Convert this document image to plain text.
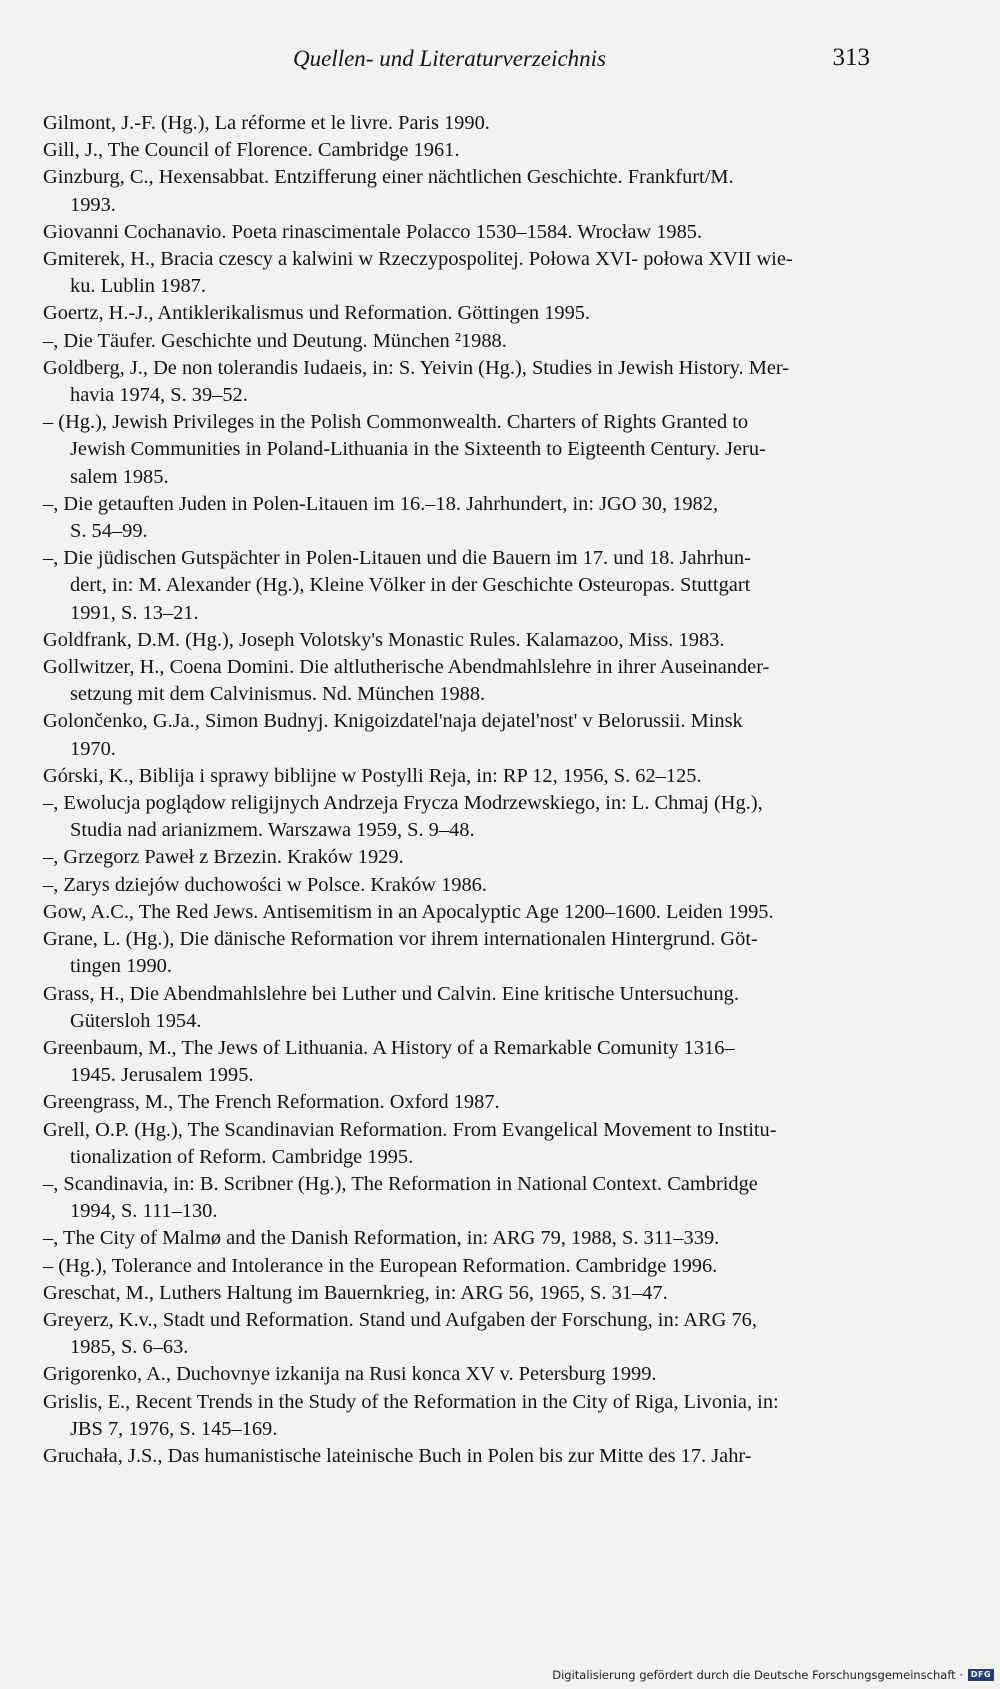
Quellen- und Literaturverzeichnis	313
Gilmont, J.-F. (Hg.), La réforme et le livre. Paris 1990.
Gill, J., The Council of Florence. Cambridge 1961.
Ginzburg, C., Hexensabbat. Entzifferung einer nächtlichen Geschichte. Frankfurt/M.
1993.
Giovanni Cochanavio. Poeta rinascimentale Polacco 1530–1584. Wrocław 1985.
Gmiterek, H., Bracia czescy a kalwini w Rzeczypospolitej. Połowa XVI- połowa XVII wie-
ku. Lublin 1987.
Goertz, H.-J., Antiklerikalismus und Reformation. Göttingen 1995.
–, Die Täufer. Geschichte und Deutung. München ²1988.
Goldberg, J., De non tolerandis Iudaeis, in: S. Yeivin (Hg.), Studies in Jewish History. Mer-
havia 1974, S. 39–52.
– (Hg.), Jewish Privileges in the Polish Commonwealth. Charters of Rights Granted to
Jewish Communities in Poland-Lithuania in the Sixteenth to Eigteenth Century. Jeru-
salem 1985.
–, Die getauften Juden in Polen-Litauen im 16.–18. Jahrhundert, in: JGO 30, 1982,
S. 54–99.
–, Die jüdischen Gutspächter in Polen-Litauen und die Bauern im 17. und 18. Jahrhun-
dert, in: M. Alexander (Hg.), Kleine Völker in der Geschichte Osteuropas. Stuttgart
1991, S. 13–21.
Goldfrank, D.M. (Hg.), Joseph Volotsky's Monastic Rules. Kalamazoo, Miss. 1983.
Gollwitzer, H., Coena Domini. Die altlutherische Abendmahlslehre in ihrer Auseinander-
setzung mit dem Calvinismus. Nd. München 1988.
Golončenko, G.Ja., Simon Budnyj. Knigoizdatel'naja dejatel'nost' v Belorussii. Minsk
1970.
Górski, K., Biblija i sprawy biblijne w Postylli Reja, in: RP 12, 1956, S. 62–125.
–, Ewolucja poglądow religijnych Andrzeja Frycza Modrzewskiego, in: L. Chmaj (Hg.),
Studia nad arianizmem. Warszawa 1959, S. 9–48.
–, Grzegorz Paweł z Brzezin. Kraków 1929.
–, Zarys dziejów duchowości w Polsce. Kraków 1986.
Gow, A.C., The Red Jews. Antisemitism in an Apocalyptic Age 1200–1600. Leiden 1995.
Grane, L. (Hg.), Die dänische Reformation vor ihrem internationalen Hintergrund. Göt-
tingen 1990.
Grass, H., Die Abendmahlslehre bei Luther und Calvin. Eine kritische Untersuchung.
Gütersloh 1954.
Greenbaum, M., The Jews of Lithuania. A History of a Remarkable Comunity 1316–
1945. Jerusalem 1995.
Greengrass, M., The French Reformation. Oxford 1987.
Grell, O.P. (Hg.), The Scandinavian Reformation. From Evangelical Movement to Institu-
tionalization of Reform. Cambridge 1995.
–, Scandinavia, in: B. Scribner (Hg.), The Reformation in National Context. Cambridge
1994, S. 111–130.
–, The City of Malmø and the Danish Reformation, in: ARG 79, 1988, S. 311–339.
– (Hg.), Tolerance and Intolerance in the European Reformation. Cambridge 1996.
Greschat, M., Luthers Haltung im Bauernkrieg, in: ARG 56, 1965, S. 31–47.
Greyerz, K.v., Stadt und Reformation. Stand und Aufgaben der Forschung, in: ARG 76,
1985, S. 6–63.
Grigorenko, A., Duchovnye izkanija na Rusi konca XV v. Petersburg 1999.
Grislis, E., Recent Trends in the Study of the Reformation in the City of Riga, Livonia, in:
JBS 7, 1976, S. 145–169.
Gruchała, J.S., Das humanistische lateinische Buch in Polen bis zur Mitte des 17. Jahr-
Digitalisierung gefördert durch die Deutsche Forschungsgemeinschaft · DFG
